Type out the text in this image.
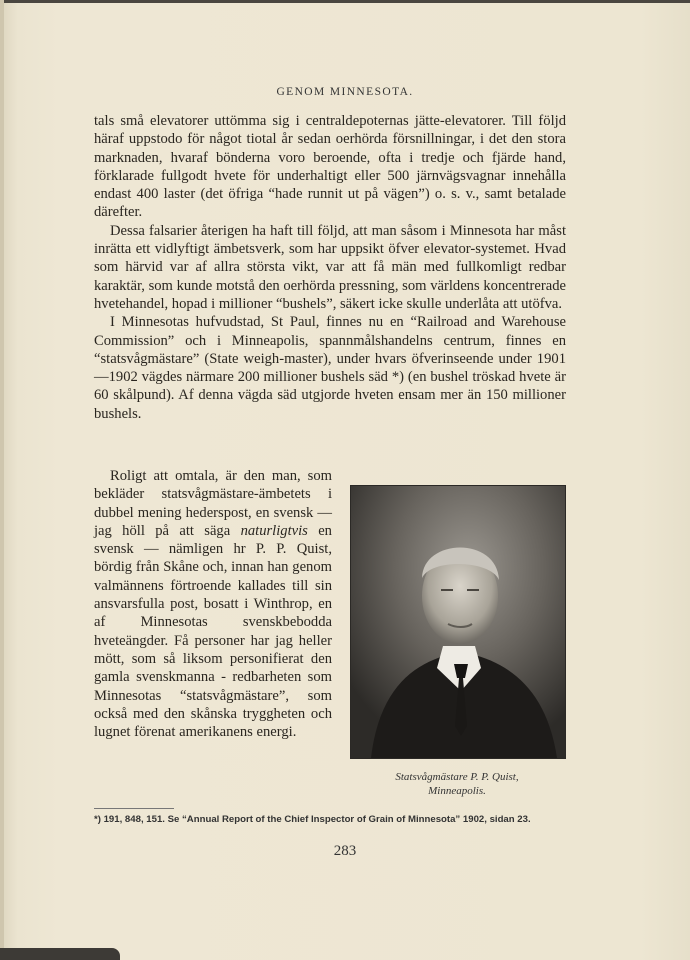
GENOM MINNESOTA.

tals små elevatorer uttömma sig i centraldepoternas jätte-elevatorer. Till följd häraf uppstodo för något tiotal år sedan oerhörda försnillningar, i det den stora marknaden, hvaraf bönderna voro beroende, ofta i tredje och fjärde hand, förklarade fullgodt hvete för underhaltigt eller 500 järnvägsvagnar innehålla endast 400 laster (det öfriga “hade runnit ut på vägen”) o. s. v., samt betalade därefter.

Dessa falsarier återigen ha haft till följd, att man såsom i Minnesota har måst inrätta ett vidlyftigt ämbetsverk, som har uppsikt öfver elevator-systemet. Hvad som härvid var af allra största vikt, var att få män med fullkomligt redbar karaktär, som kunde motstå den oerhörda pressning, som världens koncentrerade hvetehandel, hopad i millioner “bushels”, säkert icke skulle underlåta att utöfva.

I Minnesotas hufvudstad, St Paul, finnes nu en “Railroad and Warehouse Commission” och i Minneapolis, spannmålshandelns centrum, finnes en “statsvågmästare” (State weigh-master), under hvars öfverinseende under 1901—1902 vägdes närmare 200 millioner bushels säd *) (en bushel tröskad hvete är 60 skålpund). Af denna vägda säd utgjorde hveten ensam mer än 150 millioner bushels.

Roligt att omtala, är den man, som bekläder statsvågmästare-ämbetets i dubbel mening hederspost, en svensk — jag höll på att säga naturligtvis en svensk — nämligen hr P. P. Quist, bördig från Skåne och, innan han genom valmännens förtroende kallades till sin ansvarsfulla post, bosatt i Winthrop, en af Minnesotas svenskbebodda hveteängder. Få personer har jag heller mött, som så liksom personifierat den gamla svenskmanna - redbarheten som Minnesotas “statsvågmästare”, som också med den skånska tryggheten och lugnet förenat amerikanens energi.

Statsvågmästare P. P. Quist,
Minneapolis.
*) 191, 848, 151. Se “Annual Report of the Chief Inspector of Grain of Minnesota” 1902, sidan 23.
283
